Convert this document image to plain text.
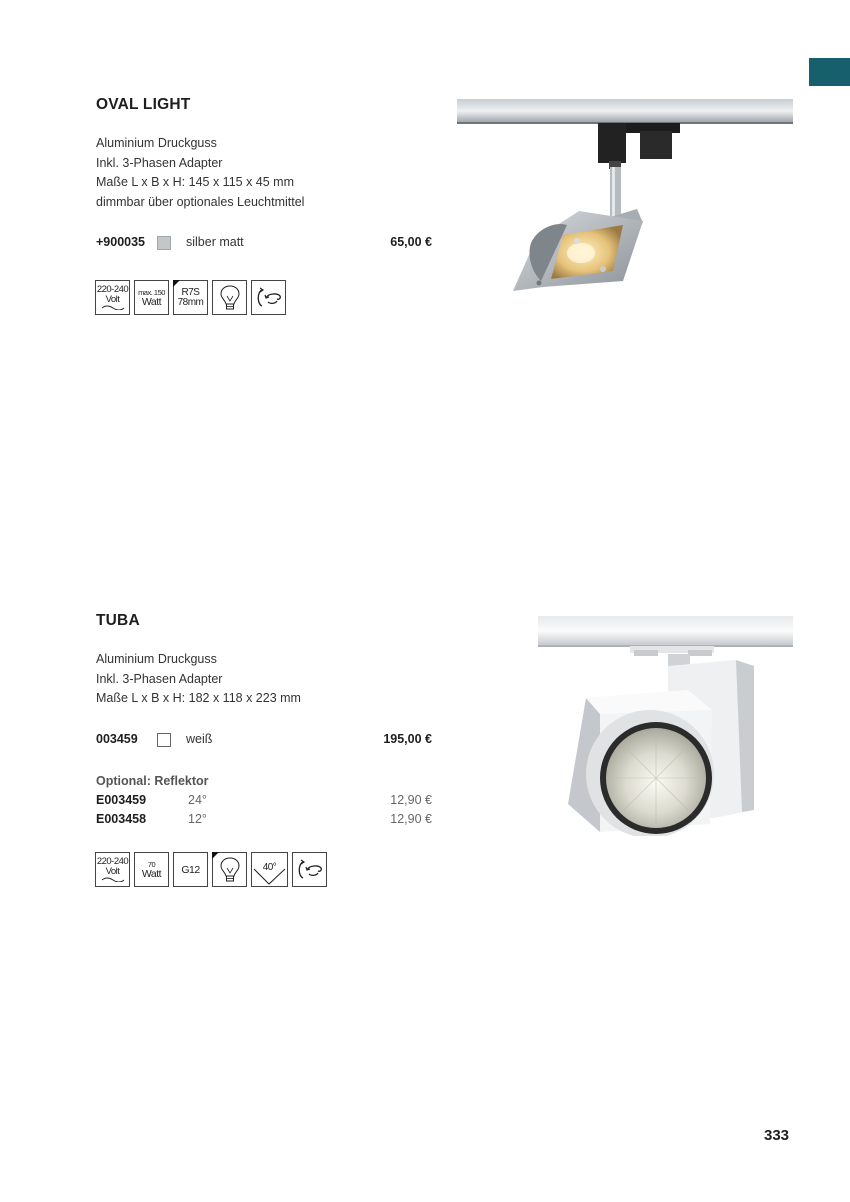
OVAL LIGHT
Aluminium Druckguss
Inkl. 3-Phasen Adapter
Maße L x B x H: 145 x 115 x 45 mm
dimmbar über optionales Leuchtmittel
+900035	silber matt	65,00 €
220-240
Volt
max. 150
Watt
R7S
78mm
TUBA
Aluminium Druckguss
Inkl. 3-Phasen Adapter
Maße L x B x H: 182 x 118 x 223 mm
003459	weiß	195,00 €
Optional: Reflektor
E003459	24°	12,90 €
E003458	12°	12,90 €
220-240
Volt
70
Watt G12	40°
333
